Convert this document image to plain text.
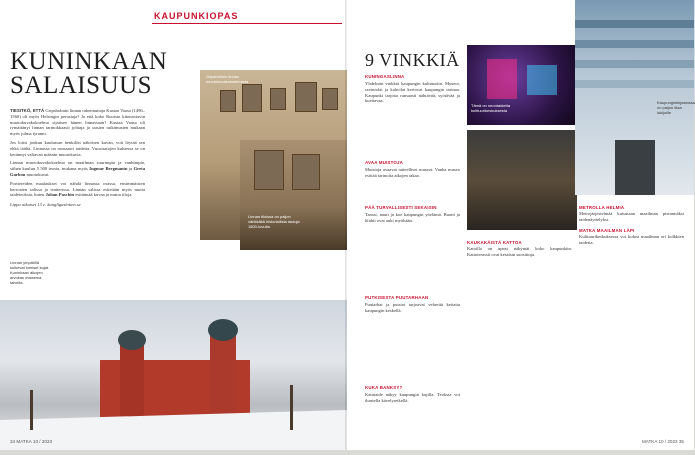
KAUPUNKIOPAS
KUNINKAAN
SALAISUUS

TIESITKÖ, ETTÄ Gripsholmin linnan rakennuttaja Kustaa Vaasa (1496–1560) oli myös Helsingin perustaja? Ja että koko Ruotsin kiinnostavin muotokuvakokoelma sijaitsee hänen linnassaan? Kustaa Vaasa oli rymättänyt linnan tarmokkaasti johtaja ja uusien tutkimusten mukaan myös julma tyranni.

Jos loitsi jonkun kuuluisan henkilön näköisen kuvan, voit löytää sen ehkä täältä. Linnassa on runsaasti taidetta. Vuosisatojen kuluessa se on kerännyt valtavan määrän muotokuvia.

Linnan muotokuvakokoelma on maailman suurimpia ja vanhimpia, siihen kuuluu 5 500 teosta, mukana myös Ingmar Bergmanin ja Greta Garbon muotokuvat.

Porttereiden maalaukset voi nähdä linnassa osassa, ensimmäisten kerrosten salissa ja teatterissa. Linnan salissa esitetään myös muita taideteoksia, kuten Johan Paschin esittämää kuvaa ja muita tiloja.

Lippu aikuiset 13 e. kungligaslotten.se

Gripsholmin linnan muotokuvakokoelmasta
Linnan tiloissa on paljon värikkäitä historiallisia tauluja 1800-luvulta
Linnan ympärillä kulkevat lumiset kujat. Kuninkaan aikojen arvokas maisema talvella.
34 MATKA 10 / 2023
9 VINKKIÄ
KUNINGASLINNA
Yhdeksän vinkkiä kaupungin kulttuuriin. Museot, ravintolat ja kahvilat kertovat kaupungin tarinaa. Kaupunki tarjoaa runsaasti nähtävää, syötävää ja koettavaa.
AVAA MUISTOJA
Muistoja avaavat taiteelliset museot. Vanha museo esittää tarinoita aikojen takaa.
PÄÄ TURVALLISESTI SEKAISIN
Tanssi, nauti ja koe kaupungin yöelämä. Baarit ja klubit ovat auki myöhään.
PUTKISESTA PUUTARHAAN
Puutarhat ja puistot tarjoavat vehreitä keitaita kaupungin keskellä.
KUKA BANKSY?
Katutaide näkyy kaupungin kujilla. Teoksia voi ihastella kävelyretkellä.
Tämä on neontaidetta kulttuurikeskuksesta
KAUKAKÄISTÄ KATTOA
Katoilla on upeat näkymät koko kaupunkiin. Kattoterassit ovat kesäisin suosittuja.
Kaupunginkirjastossa on paljon tilaa lukijoille
METROLLA HELMIÄ
Metrojärjestelmää kutsutaan maailman pisimmäksi taidenäyttelyksi.
MATKA MAAILMAN LÄPI
Kulttuurikeskuksessa voi kokea maailman eri kolkkien taidetta.
MATKA 10 / 2023 35
